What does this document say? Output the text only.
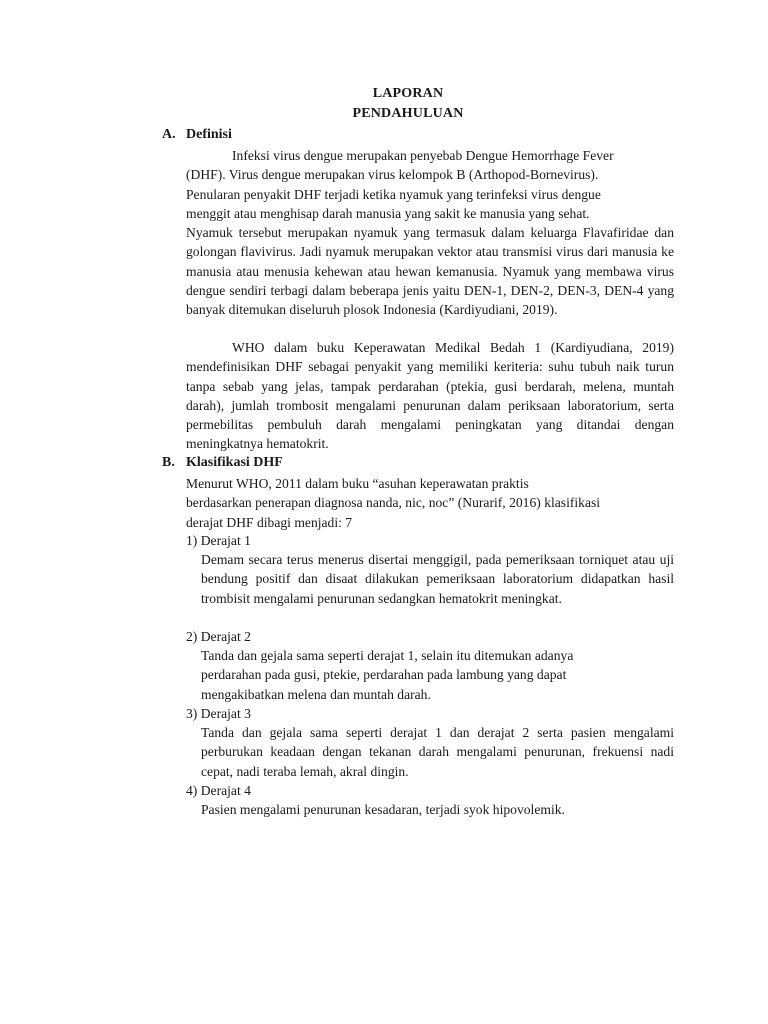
LAPORAN
PENDAHULUAN
A. Definisi
Infeksi virus dengue merupakan penyebab Dengue Hemorrhage Fever
(DHF). Virus dengue merupakan virus kelompok B (Arthopod-Bornevirus).
Penularan penyakit DHF terjadi ketika nyamuk yang terinfeksi virus dengue
menggit atau menghisap darah manusia yang sakit ke manusia yang sehat.

Nyamuk tersebut merupakan nyamuk yang termasuk dalam keluarga Flavafiridae dan golongan flavivirus. Jadi nyamuk merupakan vektor atau transmisi virus dari manusia ke manusia atau menusia kehewan atau hewan kemanusia. Nyamuk yang membawa virus dengue sendiri terbagi dalam beberapa jenis yaitu DEN-1, DEN-2, DEN-3, DEN-4 yang banyak ditemukan diseluruh plosok Indonesia (Kardiyudiani, 2019).

WHO dalam buku Keperawatan Medikal Bedah 1 (Kardiyudiana, 2019) mendefinisikan DHF sebagai penyakit yang memiliki keriteria: suhu tubuh naik turun tanpa sebab yang jelas, tampak perdarahan (ptekia, gusi berdarah, melena, muntah darah), jumlah trombosit mengalami penurunan dalam periksaan laboratorium, serta permebilitas pembuluh darah mengalami peningkatan yang ditandai dengan meningkatnya hematokrit.

B. Klasifikasi DHF
Menurut WHO, 2011 dalam buku “asuhan keperawatan praktis
berdasarkan penerapan diagnosa nanda, nic, noc” (Nurarif, 2016) klasifikasi
derajat DHF dibagi menjadi: 7
1) Derajat 1

Demam secara terus menerus disertai menggigil, pada pemeriksaan torniquet atau uji bendung positif dan disaat dilakukan pemeriksaan laboratorium didapatkan hasil trombisit mengalami penurunan sedangkan hematokrit meningkat.

2) Derajat 2
Tanda dan gejala sama seperti derajat 1, selain itu ditemukan adanya
perdarahan pada gusi, ptekie, perdarahan pada lambung yang dapat
mengakibatkan melena dan muntah darah.
3) Derajat 3

Tanda dan gejala sama seperti derajat 1 dan derajat 2 serta pasien mengalami perburukan keadaan dengan tekanan darah mengalami penurunan, frekuensi nadi cepat, nadi teraba lemah, akral dingin.

4) Derajat 4

Pasien mengalami penurunan kesadaran, terjadi syok hipovolemik.
